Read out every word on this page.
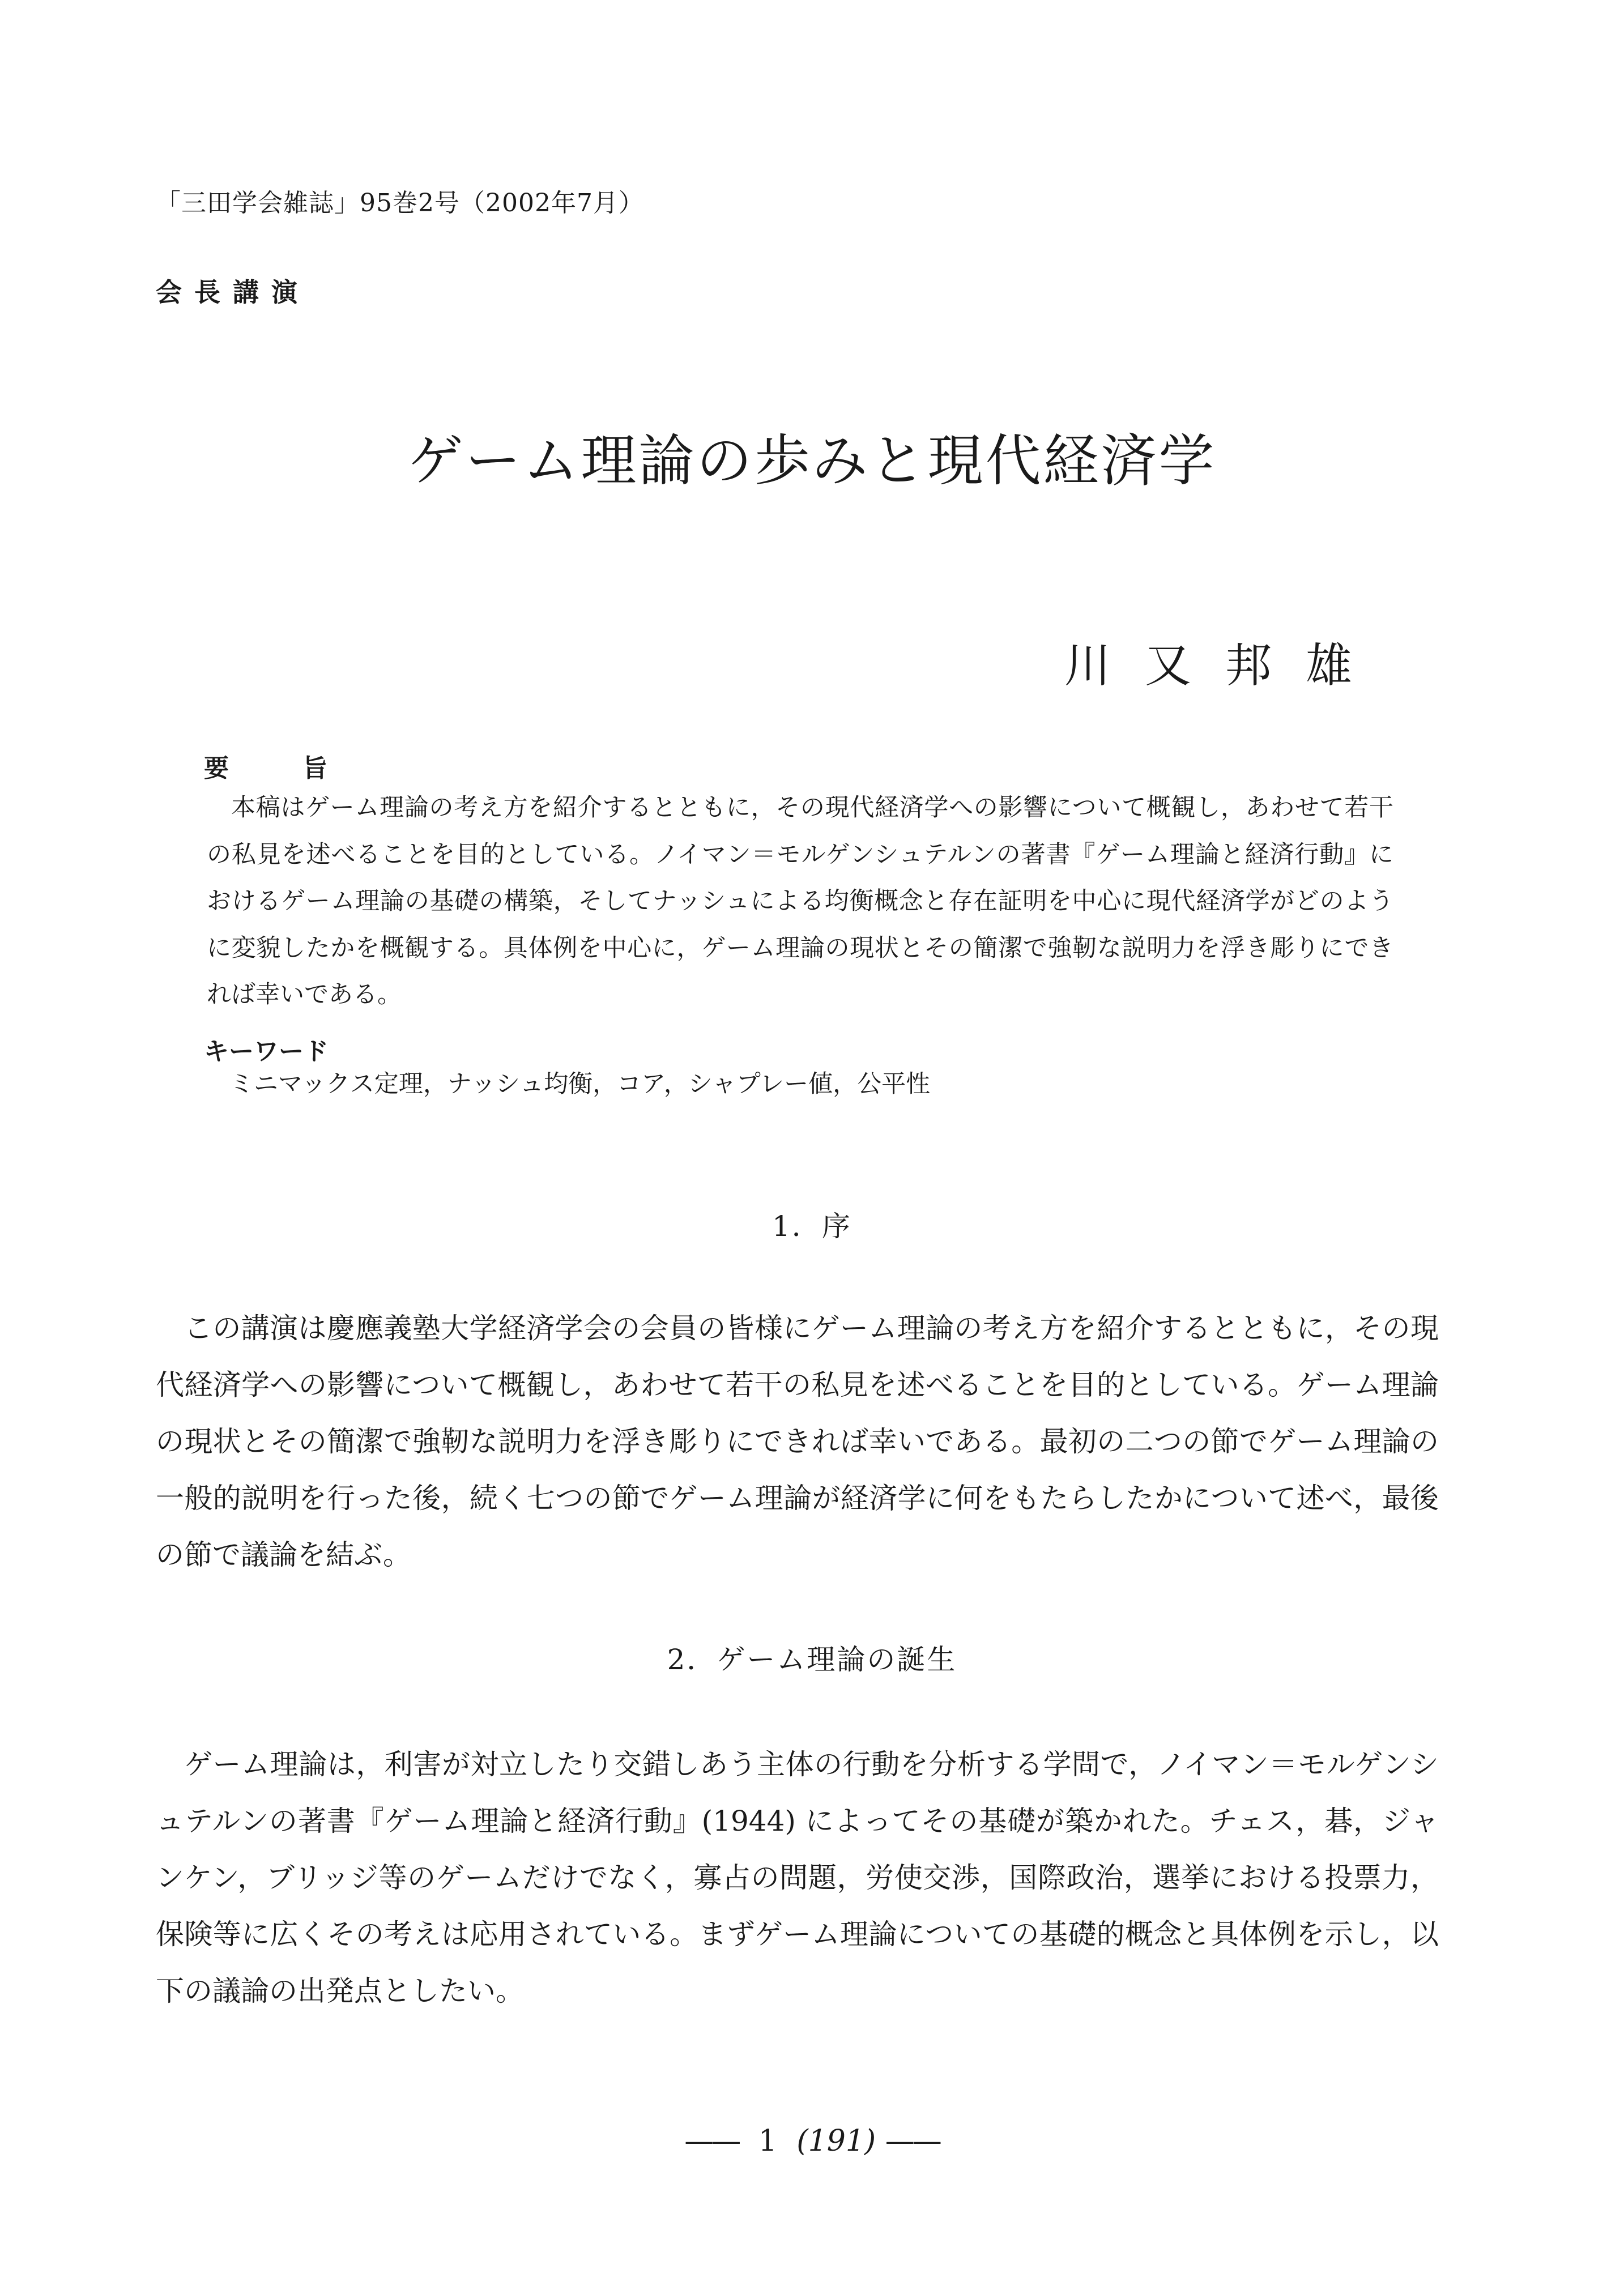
「三田学会雑誌」95巻2号（2002年7月）
会長講演
ゲーム理論の歩みと現代経済学
川又邦雄
要旨

本稿はゲーム理論の考え方を紹介するとともに，その現代経済学への影響について概観し，あわせて若干の私見を述べることを目的としている。ノイマン＝モルゲンシュテルンの著書『ゲーム理論と経済行動』におけるゲーム理論の基礎の構築，そしてナッシュによる均衡概念と存在証明を中心に現代経済学がどのように変貌したかを概観する。具体例を中心に，ゲーム理論の現状とその簡潔で強靭な説明力を浮き彫りにできれば幸いである。

キーワード
ミニマックス定理，ナッシュ均衡，コア，シャプレー値，公平性
1．序

この講演は慶應義塾大学経済学会の会員の皆様にゲーム理論の考え方を紹介するとともに，その現代経済学への影響について概観し，あわせて若干の私見を述べることを目的としている。ゲーム理論の現状とその簡潔で強靭な説明力を浮き彫りにできれば幸いである。最初の二つの節でゲーム理論の一般的説明を行った後，続く七つの節でゲーム理論が経済学に何をもたらしたかについて述べ，最後の節で議論を結ぶ。

2．ゲーム理論の誕生

ゲーム理論は，利害が対立したり交錯しあう主体の行動を分析する学問で，ノイマン＝モルゲンシュテルンの著書『ゲーム理論と経済行動』(1944) によってその基礎が築かれた。チェス，碁，ジャンケン，ブリッジ等のゲームだけでなく，寡占の問題，労使交渉，国際政治，選挙における投票力，保険等に広くその考えは応用されている。まずゲーム理論についての基礎的概念と具体例を示し，以下の議論の出発点としたい。

—— 1 (191) ——
